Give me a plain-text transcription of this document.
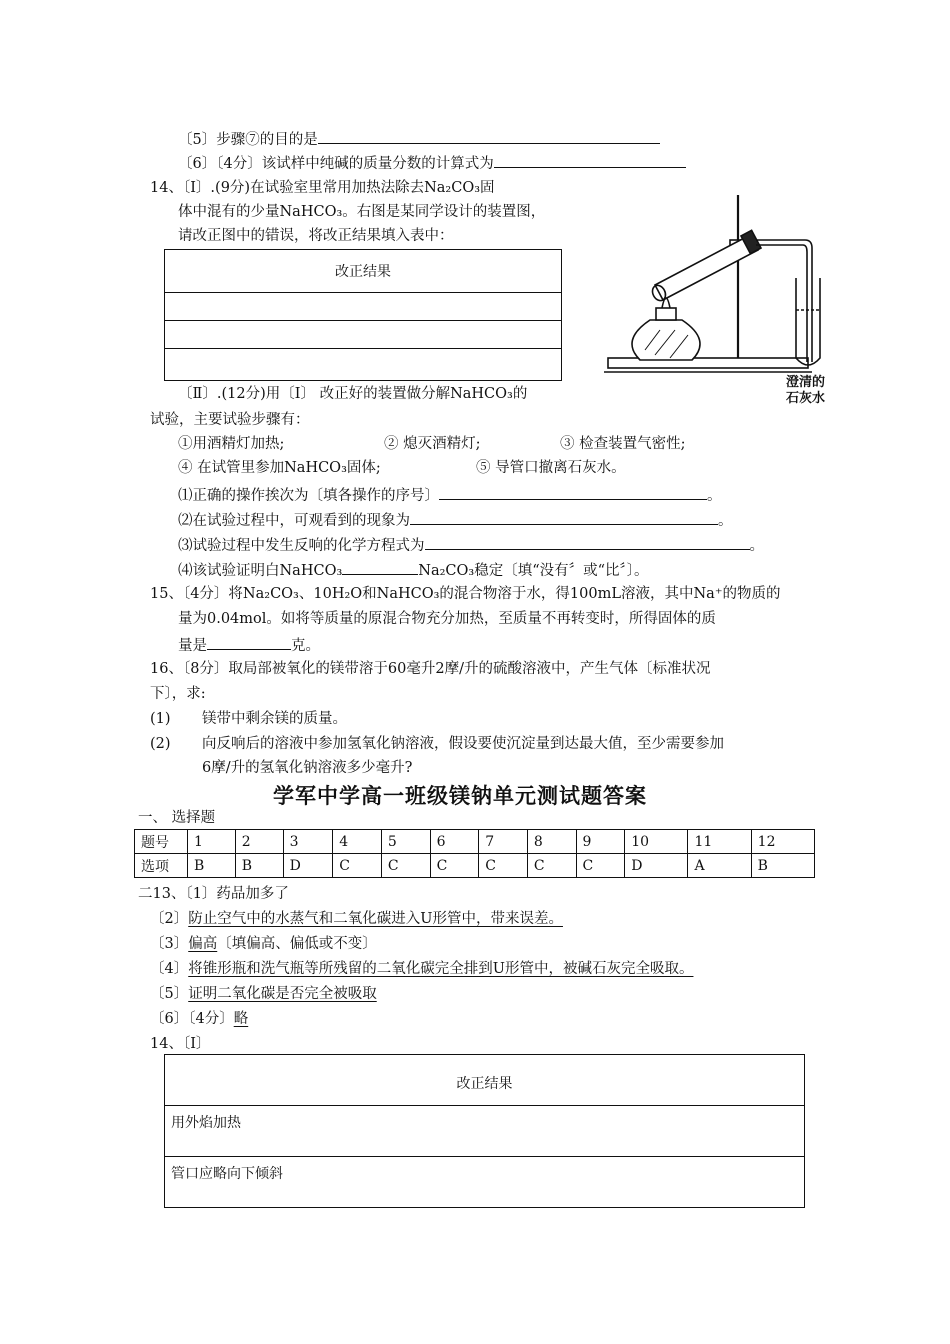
〔5〕步骤⑦的目的是
〔6〕〔4分〕该试样中纯碱的质量分数的计算式为
14、〔Ⅰ〕.(9分)在试验室里常用加热法除去Na₂CO₃固
体中混有的少量NaHCO₃。右图是某同学设计的装置图，
请改正图中的错误，将改正结果填入表中：
改正结果

澄清的
石灰水
〔Ⅱ〕.(12分)用〔Ⅰ〕 改正好的装置做分解NaHCO₃的
试验，主要试验步骤有：
①用酒精灯加热;	② 熄灭酒精灯;	③ 检查装置气密性;
④ 在试管里参加NaHCO₃固体;	⑤ 导管口撤离石灰水。
⑴正确的操作挨次为〔填各操作的序号〕	。
⑵在试验过程中，可观看到的现象为	。
⑶试验过程中发生反响的化学方程式为	。
⑷该试验证明白NaHCO₃	Na₂CO₃稳定〔填“没有〞或“比〞〕。
15、〔4分〕将Na₂CO₃、10H₂O和NaHCO₃的混合物溶于水，得100mL溶液，其中Na⁺的物质的
量为0.04mol。如将等质量的原混合物充分加热，至质量不再转变时，所得固体的质
量是	克。
16、〔8分〕取局部被氧化的镁带溶于60毫升2摩/升的硫酸溶液中，产生气体〔标准状况
下〕，求:
(1) 镁带中剩余镁的质量。
(2) 向反响后的溶液中参加氢氧化钠溶液，假设要使沉淀量到达最大值，至少需要参加
6摩/升的氢氧化钠溶液多少毫升?
学军中学高一班级镁钠单元测试题答案
一、 选择题
题号	1	2	3	4	5	6	7	8	9	10	11	12
选项	B	B	D	C	C	C	C	C	C	D	A	B
二13、〔1〕药品加多了
〔2〕防止空气中的水蒸气和二氧化碳进入U形管中，带来误差。
〔3〕偏高〔填偏高、偏低或不变〕
〔4〕将锥形瓶和洗气瓶等所残留的二氧化碳完全排到U形管中，被碱石灰完全吸取。
〔5〕证明二氧化碳是否完全被吸取
〔6〕〔4分〕略
14、〔Ⅰ〕
改正结果
用外焰加热
管口应略向下倾斜
